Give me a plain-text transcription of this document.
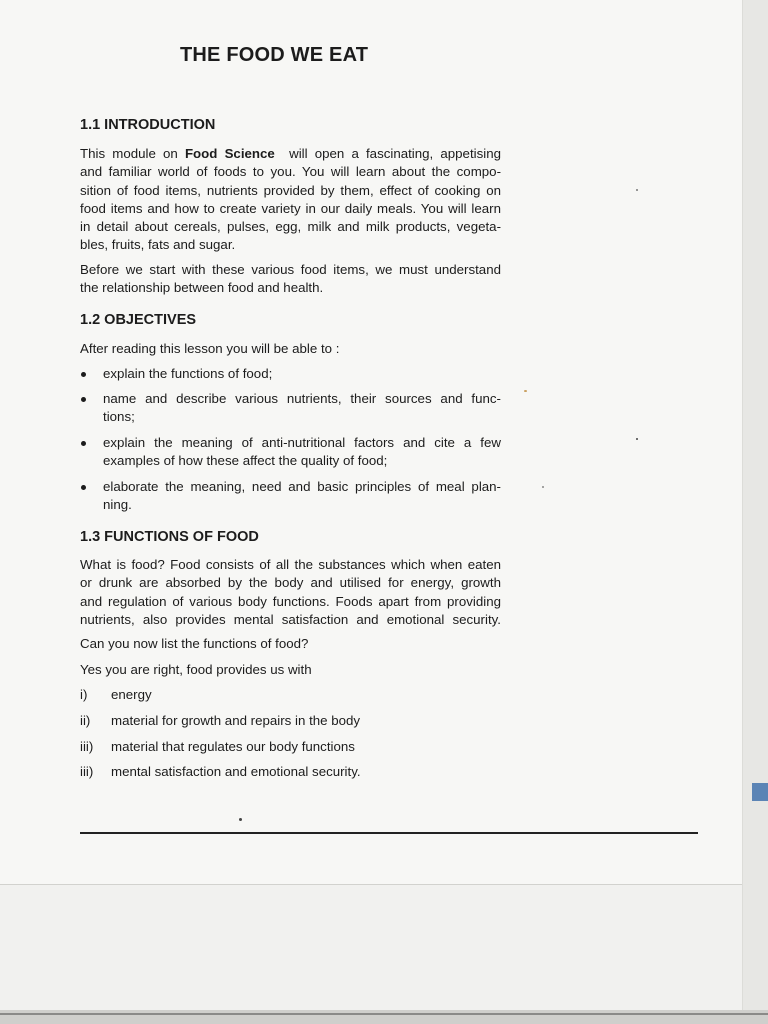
THE FOOD WE EAT
1.1 INTRODUCTION

This module on Food Science will open a fascinating, appetising
and familiar world of foods to you. You will learn about the compo-
sition of food items, nutrients provided by them, effect of cooking on
food items and how to create variety in our daily meals. You will learn
in detail about cereals, pulses, egg, milk and milk products, vegeta-
bles, fruits, fats and sugar.

Before we start with these various food items, we must understand
the relationship between food and health.

1.2 OBJECTIVES

After reading this lesson you will be able to :

explain the functions of food;
name and describe various nutrients, their sources and func-
tions;
explain the meaning of anti-nutritional factors and cite a few
examples of how these affect the quality of food;
elaborate the meaning, need and basic principles of meal plan-
ning.
1.3 FUNCTIONS OF FOOD

What is food? Food consists of all the substances which when eaten
or drunk are absorbed by the body and utilised for energy, growth
and regulation of various body functions. Foods apart from providing
nutrients, also provides mental satisfaction and emotional security.

Can you now list the functions of food?

Yes you are right, food provides us with

i) energy
ii) material for growth and repairs in the body
iii) material that regulates our body functions
iii) mental satisfaction and emotional security.
